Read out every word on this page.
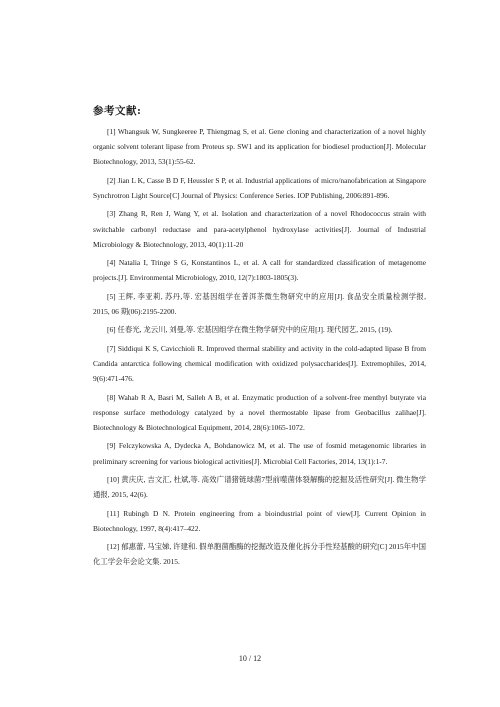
参考文献:

[1] Whangsuk W, Sungkeeree P, Thiengmag S, et al. Gene cloning and characterization of a novel highly organic solvent tolerant lipase from Proteus sp. SW1 and its application for biodiesel production[J]. Molecular Biotechnology, 2013, 53(1):55-62.

[2] Jian L K, Casse B D F, Heussler S P, et al. Industrial applications of micro/nanofabrication at Singapore Synchrotron Light Source[C] Journal of Physics: Conference Series. IOP Publishing, 2006:891-896.

[3] Zhang R, Ren J, Wang Y, et al. Isolation and characterization of a novel Rhodococcus strain with switchable carbonyl reductase and para-acetylphenol hydroxylase activities[J]. Journal of Industrial Microbiology & Biotechnology, 2013, 40(1):11-20

[4] Natalia I, Tringe S G, Konstantinos L, et al. A call for standardized classification of metagenome projects.[J]. Environmental Microbiology, 2010, 12(7):1803-1805(3).

[5] 王辉, 李亚莉, 苏丹,等. 宏基因组学在普洱茶微生物研究中的应用[J]. 食品安全质量检测学报, 2015, 06 期(06):2195-2200.

[6] 任春光, 龙云川, 刘曼,等. 宏基因组学在微生物学研究中的应用[J]. 现代园艺, 2015, (19).

[7] Siddiqui K S, Cavicchioli R. Improved thermal stability and activity in the cold-adapted lipase B from Candida antarctica following chemical modification with oxidized polysaccharides[J]. Extremophiles, 2014, 9(6):471-476.

[8] Wahab R A, Basri M, Salleh A B, et al. Enzymatic production of a solvent-free menthyl butyrate via response surface methodology catalyzed by a novel thermostable lipase from Geobacillus zalihae[J]. Biotechnology & Biotechnological Equipment, 2014, 28(6):1065-1072.

[9] Felczykowska A, Dydecka A, Bohdanowicz M, et al. The use of fosmid metagenomic libraries in preliminary screening for various biological activities[J]. Microbial Cell Factories, 2014, 13(1):1-7.

[10] 黄庆庆, 吉文汇, 杜斌,等. 高效广谱猪链球菌7型前噬菌体裂解酶的挖掘及活性研究[J]. 微生物学通报, 2015, 42(6).

[11] Rubingh D N. Protein engineering from a bioindustrial point of view[J]. Current Opinion in Biotechnology, 1997, 8(4):417–422.

[12] 郁惠蕾, 马宝娣, 许建和. 假单胞菌酯酶的挖掘改造及催化拆分手性羟基酸的研究[C] 2015年中国化工学会年会论文集. 2015.

10 / 12
